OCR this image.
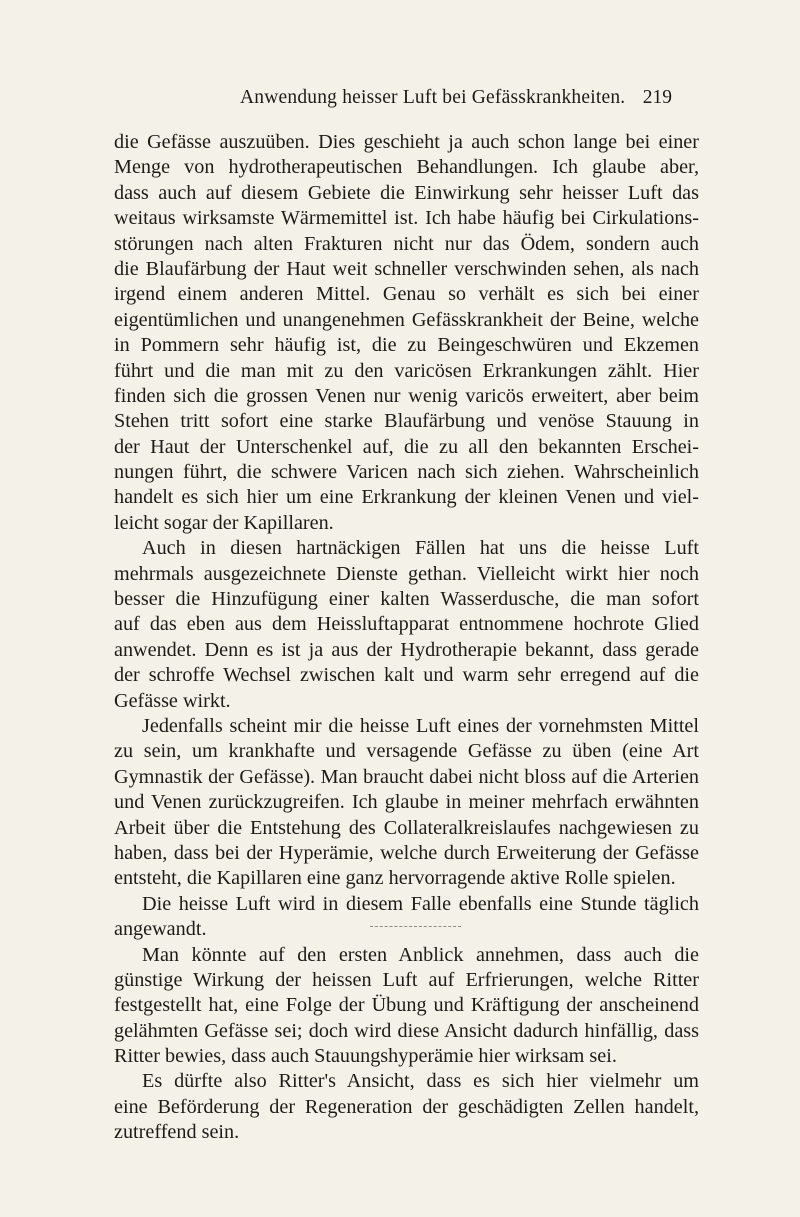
Anwendung heisser Luft bei Gefässkrankheiten. 219
die Gefässe auszuüben. Dies geschieht ja auch schon lange bei einer
Menge von hydrotherapeutischen Behandlungen. Ich glaube aber,
dass auch auf diesem Gebiete die Einwirkung sehr heisser Luft das
weitaus wirksamste Wärmemittel ist. Ich habe häufig bei Cirkulations-
störungen nach alten Frakturen nicht nur das Ödem, sondern auch
die Blaufärbung der Haut weit schneller verschwinden sehen, als nach
irgend einem anderen Mittel. Genau so verhält es sich bei einer
eigentümlichen und unangenehmen Gefässkrankheit der Beine, welche
in Pommern sehr häufig ist, die zu Beingeschwüren und Ekzemen
führt und die man mit zu den varicösen Erkrankungen zählt. Hier
finden sich die grossen Venen nur wenig varicös erweitert, aber beim
Stehen tritt sofort eine starke Blaufärbung und venöse Stauung in
der Haut der Unterschenkel auf, die zu all den bekannten Erschei-
nungen führt, die schwere Varicen nach sich ziehen. Wahrscheinlich
handelt es sich hier um eine Erkrankung der kleinen Venen und viel-
leicht sogar der Kapillaren.
Auch in diesen hartnäckigen Fällen hat uns die heisse Luft
mehrmals ausgezeichnete Dienste gethan. Vielleicht wirkt hier noch
besser die Hinzufügung einer kalten Wasserdusche, die man sofort
auf das eben aus dem Heissluftapparat entnommene hochrote Glied
anwendet. Denn es ist ja aus der Hydrotherapie bekannt, dass gerade
der schroffe Wechsel zwischen kalt und warm sehr erregend auf die
Gefässe wirkt.
Jedenfalls scheint mir die heisse Luft eines der vornehmsten Mittel
zu sein, um krankhafte und versagende Gefässe zu üben (eine Art
Gymnastik der Gefässe). Man braucht dabei nicht bloss auf die Arterien
und Venen zurückzugreifen. Ich glaube in meiner mehrfach erwähnten
Arbeit über die Entstehung des Collateralkreislaufes nachgewiesen zu
haben, dass bei der Hyperämie, welche durch Erweiterung der Gefässe
entsteht, die Kapillaren eine ganz hervorragende aktive Rolle spielen.
Die heisse Luft wird in diesem Falle ebenfalls eine Stunde täglich
angewandt.
Man könnte auf den ersten Anblick annehmen, dass auch die
günstige Wirkung der heissen Luft auf Erfrierungen, welche Ritter
festgestellt hat, eine Folge der Übung und Kräftigung der anscheinend
gelähmten Gefässe sei; doch wird diese Ansicht dadurch hinfällig, dass
Ritter bewies, dass auch Stauungshyperämie hier wirksam sei.
Es dürfte also Ritter's Ansicht, dass es sich hier vielmehr um
eine Beförderung der Regeneration der geschädigten Zellen handelt,
zutreffend sein.
